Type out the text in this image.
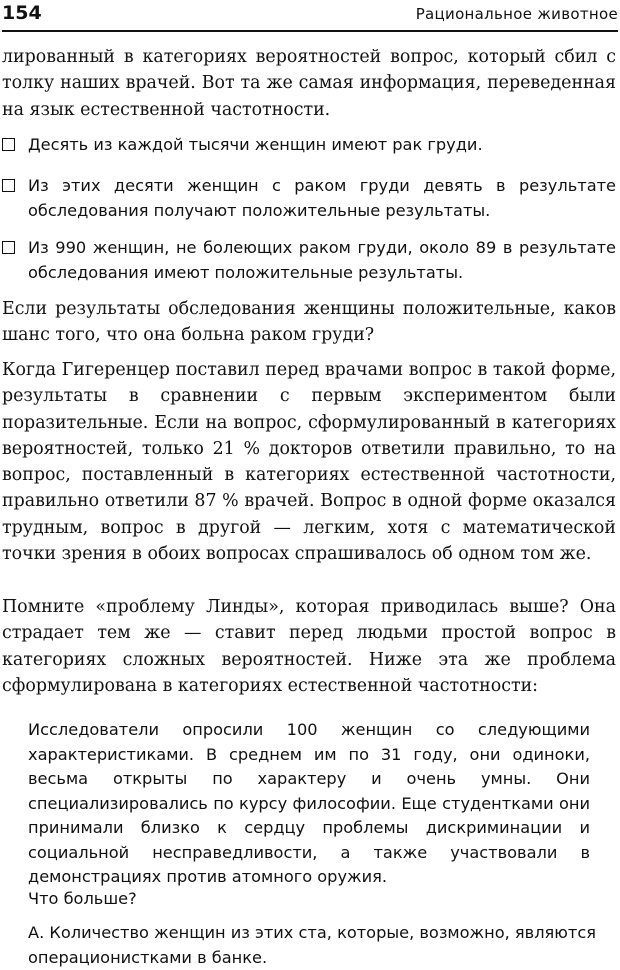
154	Рациональное животное

лированный в категориях вероятностей вопрос, который сбил с толку наших врачей. Вот та же самая информация, переведенная на язык естественной частотности.

Десять из каждой тысячи женщин имеют рак груди.

Из этих десяти женщин с раком груди девять в результате обследования получают положительные результаты.

Из 990 женщин, не болеющих раком груди, около 89 в результате обследования имеют положительные результаты.

Если результаты обследования женщины положительные, каков шанс того, что она больна раком груди?

Когда Гигеренцер поставил перед врачами вопрос в такой форме, результаты в сравнении с первым экспериментом были поразительные. Если на вопрос, сформулированный в категориях вероятностей, только 21 % докторов ответили правильно, то на вопрос, поставленный в категориях естественной частотности, правильно ответили 87 % врачей. Вопрос в одной форме оказался трудным, вопрос в другой — легким, хотя с математической точки зрения в обоих вопросах спрашивалось об одном том же.

Помните «проблему Линды», которая приводилась выше? Она страдает тем же — ставит перед людьми простой вопрос в категориях сложных вероятностей. Ниже эта же проблема сформулирована в категориях естественной частотности:

Исследователи опросили 100 женщин со следующими характеристиками. В среднем им по 31 году, они одиноки, весьма открыты по характеру и очень умны. Они специализировались по курсу философии. Еще студентками они принимали близко к сердцу проблемы дискриминации и социальной несправедливости, а также участвовали в демонстрациях против атомного оружия.

Что больше?

А. Количество женщин из этих ста, которые, возможно, являются операционистками в банке.
